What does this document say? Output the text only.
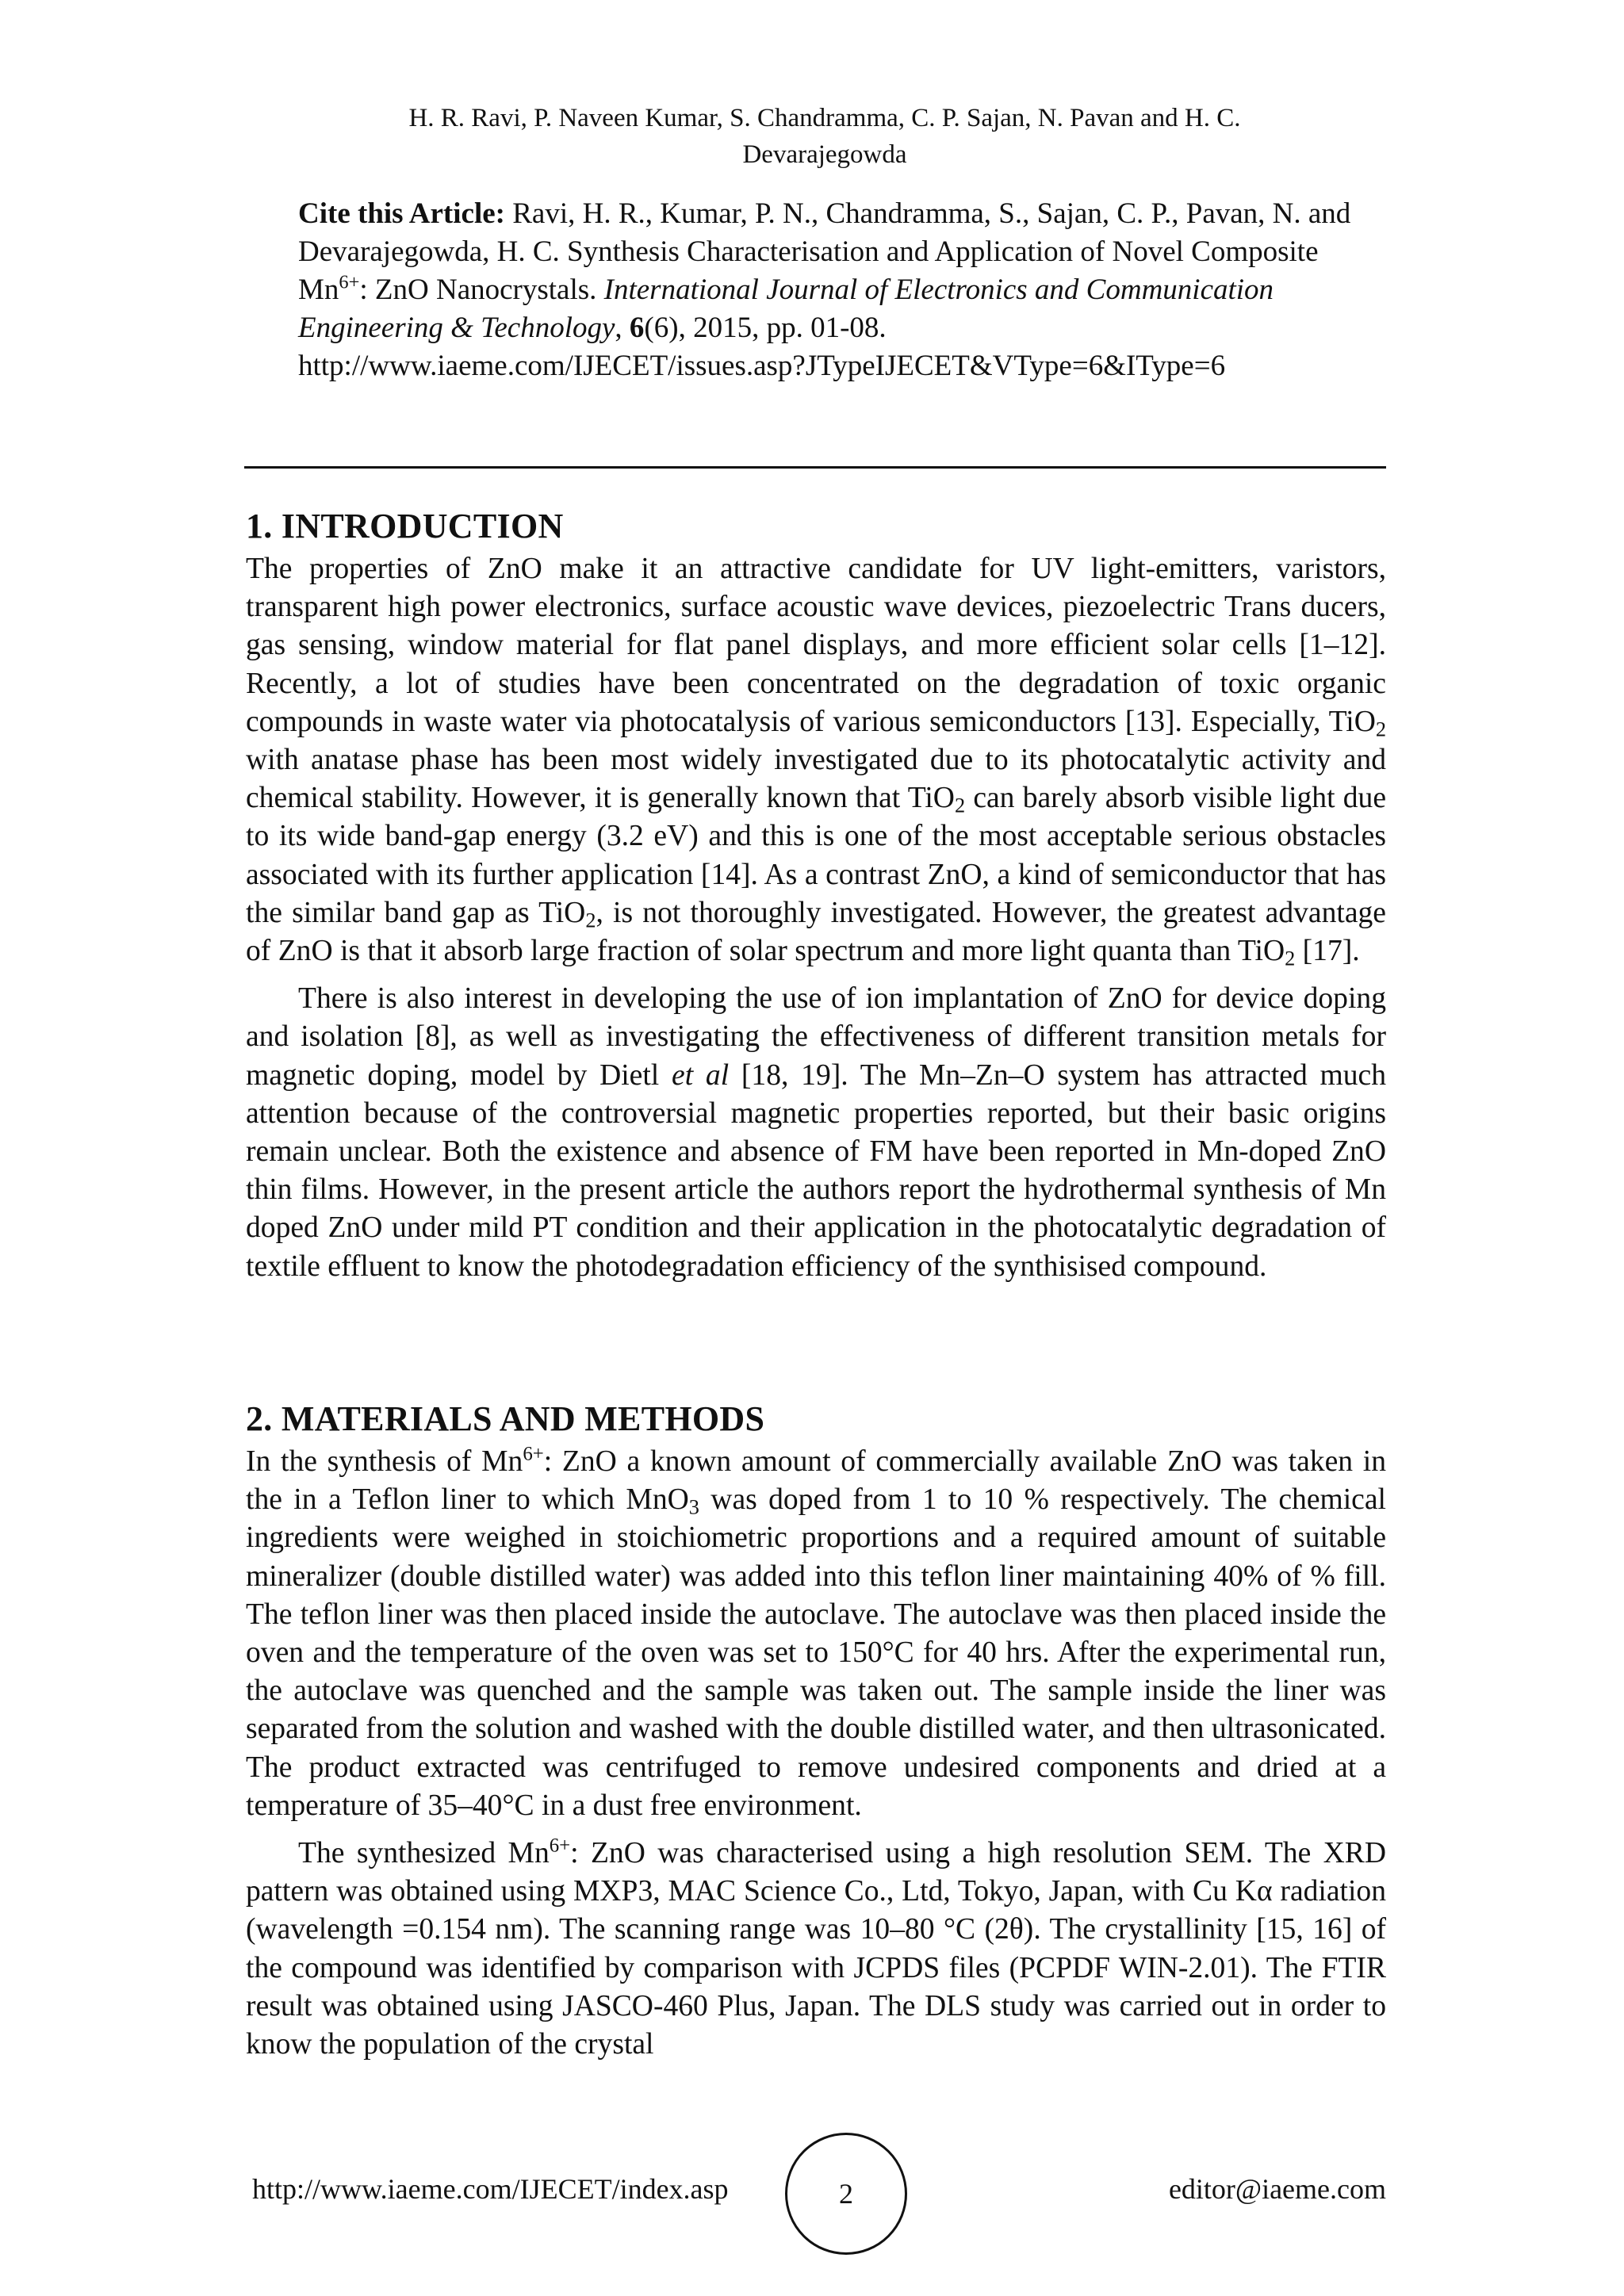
H. R. Ravi, P. Naveen Kumar, S. Chandramma, C. P. Sajan, N. Pavan and H. C.
Devarajegowda
Cite this Article: Ravi, H. R., Kumar, P. N., Chandramma, S., Sajan, C. P., Pavan, N. and Devarajegowda, H. C. Synthesis Characterisation and Application of Novel Composite $Mn^{6+}$: ZnO Nanocrystals. International Journal of Electronics and Communication Engineering & Technology, 6(6), 2015, pp. 01-08.
http://www.iaeme.com/IJECET/issues.asp?JTypeIJECET&VType=6&IType=6
1. INTRODUCTION

The properties of ZnO make it an attractive candidate for UV light-emitters, varistors, transparent high power electronics, surface acoustic wave devices, piezoelectric Trans ducers, gas sensing, window material for flat panel displays, and more efficient solar cells [1–12]. Recently, a lot of studies have been concentrated on the degradation of toxic organic compounds in waste water via photocatalysis of various semiconductors [13]. Especially, TiO$_2$ with anatase phase has been most widely investigated due to its photocatalytic activity and chemical stability. However, it is generally known that TiO$_2$ can barely absorb visible light due to its wide band-gap energy (3.2 eV) and this is one of the most acceptable serious obstacles associated with its further application [14]. As a contrast ZnO, a kind of semiconductor that has the similar band gap as TiO$_2$, is not thoroughly investigated. However, the greatest advantage of ZnO is that it absorb large fraction of solar spectrum and more light quanta than TiO$_2$ [17].

There is also interest in developing the use of ion implantation of ZnO for device doping and isolation [8], as well as investigating the effectiveness of different transition metals for magnetic doping, model by Dietl et al [18, 19]. The Mn–Zn–O system has attracted much attention because of the controversial magnetic properties reported, but their basic origins remain unclear. Both the existence and absence of FM have been reported in Mn-doped ZnO thin films. However, in the present article the authors report the hydrothermal synthesis of Mn doped ZnO under mild PT condition and their application in the photocatalytic degradation of textile effluent to know the photodegradation efficiency of the synthisised compound.

2. MATERIALS AND METHODS

In the synthesis of $Mn^{6+}$: ZnO a known amount of commercially available ZnO was taken in the in a Teflon liner to which MnO$_3$ was doped from 1 to 10 % respectively. The chemical ingredients were weighed in stoichiometric proportions and a required amount of suitable mineralizer (double distilled water) was added into this teflon liner maintaining 40% of % fill. The teflon liner was then placed inside the autoclave. The autoclave was then placed inside the oven and the temperature of the oven was set to 150°C for 40 hrs. After the experimental run, the autoclave was quenched and the sample was taken out. The sample inside the liner was separated from the solution and washed with the double distilled water, and then ultrasonicated. The product extracted was centrifuged to remove undesired components and dried at a temperature of 35–40°C in a dust free environment.

The synthesized $Mn^{6+}$: ZnO was characterised using a high resolution SEM. The XRD pattern was obtained using MXP3, MAC Science Co., Ltd, Tokyo, Japan, with Cu Kα radiation (wavelength =0.154 nm). The scanning range was 10–80 °C (2θ). The crystallinity [15, 16] of the compound was identified by comparison with JCPDS files (PCPDF WIN-2.01). The FTIR result was obtained using JASCO-460 Plus, Japan. The DLS study was carried out in order to know the population of the crystal

http://www.iaeme.com/IJECET/index.asp	2	editor@iaeme.com
